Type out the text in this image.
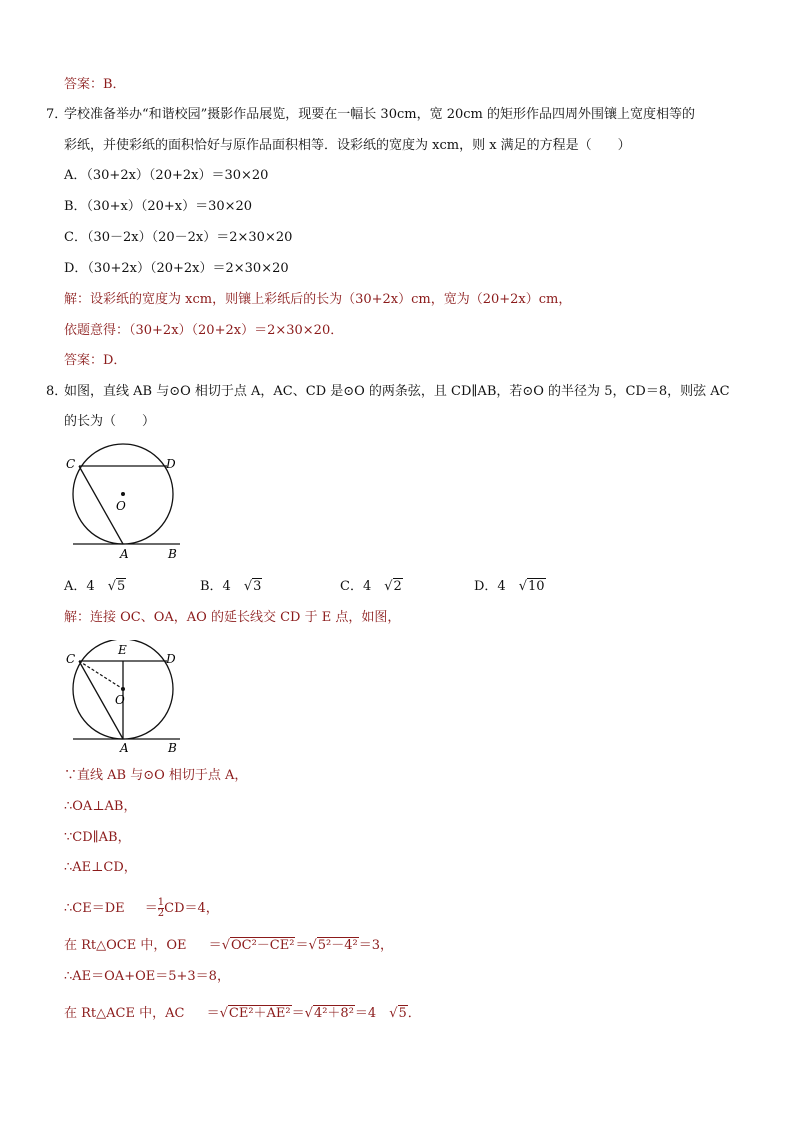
答案：B．
7．
学校准备举办“和谐校园”摄影作品展览，现要在一幅长 30cm，宽 20cm 的矩形作品四周外围镶上宽度相等的
彩纸，并使彩纸的面积恰好与原作品面积相等．设彩纸的宽度为 xcm，则 x 满足的方程是（　　）
A．（30+2x）（20+2x）＝30×20
B．（30+x）（20+x）＝30×20
C．（30－2x）（20－2x）＝2×30×20
D．（30+2x）（20+2x）＝2×30×20
解：设彩纸的宽度为 xcm，则镶上彩纸后的长为（30+2x）cm，宽为（20+2x）cm，
依题意得：（30+2x）（20+2x）＝2×30×20．
答案：D．
8．
如图，直线 AB 与⊙O 相切于点 A，AC、CD 是⊙O 的两条弦，且 CD∥AB，若⊙O 的半径为 5，CD＝8，则弦 AC
的长为（　　）
C	D
O
A	B
A．4　 √5	B．4　 √3	C．4　 √2	D．4　 √10
解：连接 OC、OA，AO 的延长线交 CD 于 E 点，如图，
C
E
D
O
A	B
∵直线 AB 与⊙O 相切于点 A，
∴OA⊥AB，
∵CD∥AB，
∴AE⊥CD，
∴CE＝DE ＝ $\frac{1}{2} CD=4$，
在 Rt△OCE 中，OE ＝√OC²－CE²＝√5²－4²＝3，
∴AE＝OA+OE＝5+3＝8，
在 Rt△ACE 中，AC ＝√CE²＋AE²＝√4²＋8²＝4　 √5．
